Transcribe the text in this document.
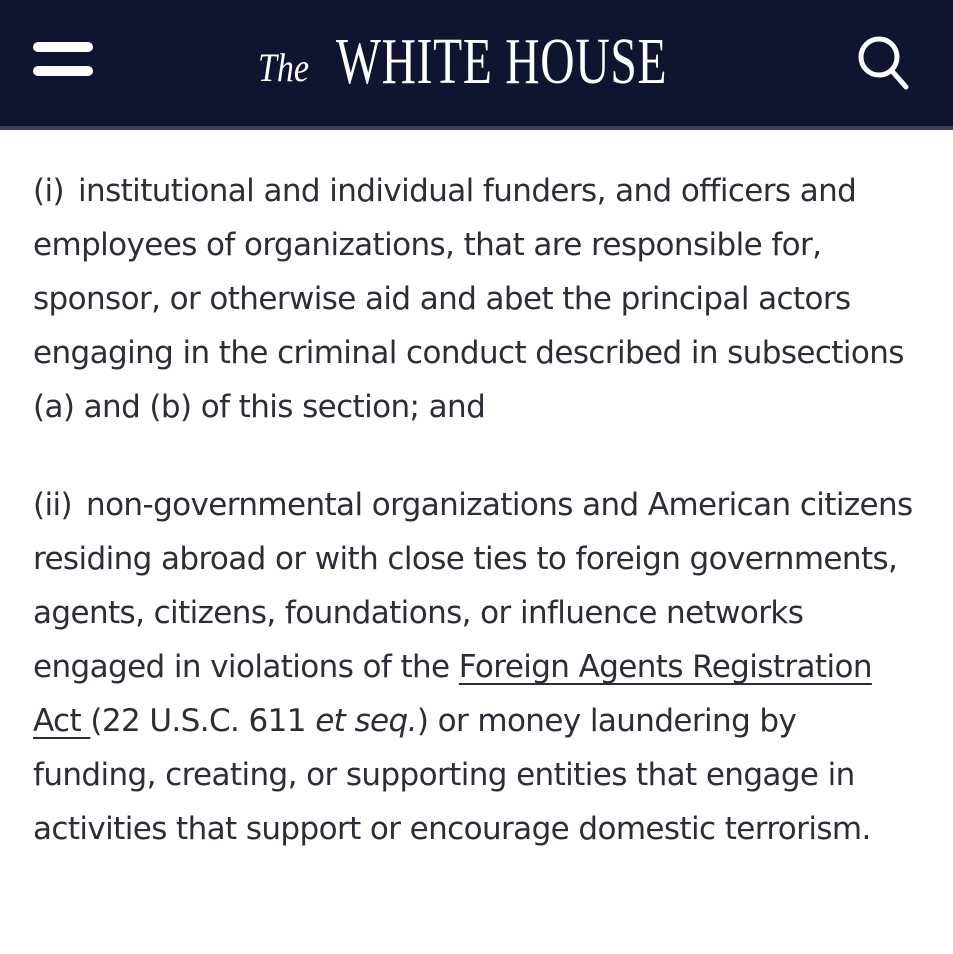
The WHITE HOUSE

(i) institutional and individual funders, and officers and employees of organizations, that are responsible for, sponsor, or otherwise aid and abet the principal actors engaging in the criminal conduct described in subsections (a) and (b) of this section; and

(ii) non-governmental organizations and American citizens residing abroad or with close ties to foreign governments, agents, citizens, foundations, or influence networks engaged in violations of the Foreign Agents Registration Act (22 U.S.C. 611 et seq.) or money laundering by funding, creating, or supporting entities that engage in activities that support or encourage domestic terrorism.
